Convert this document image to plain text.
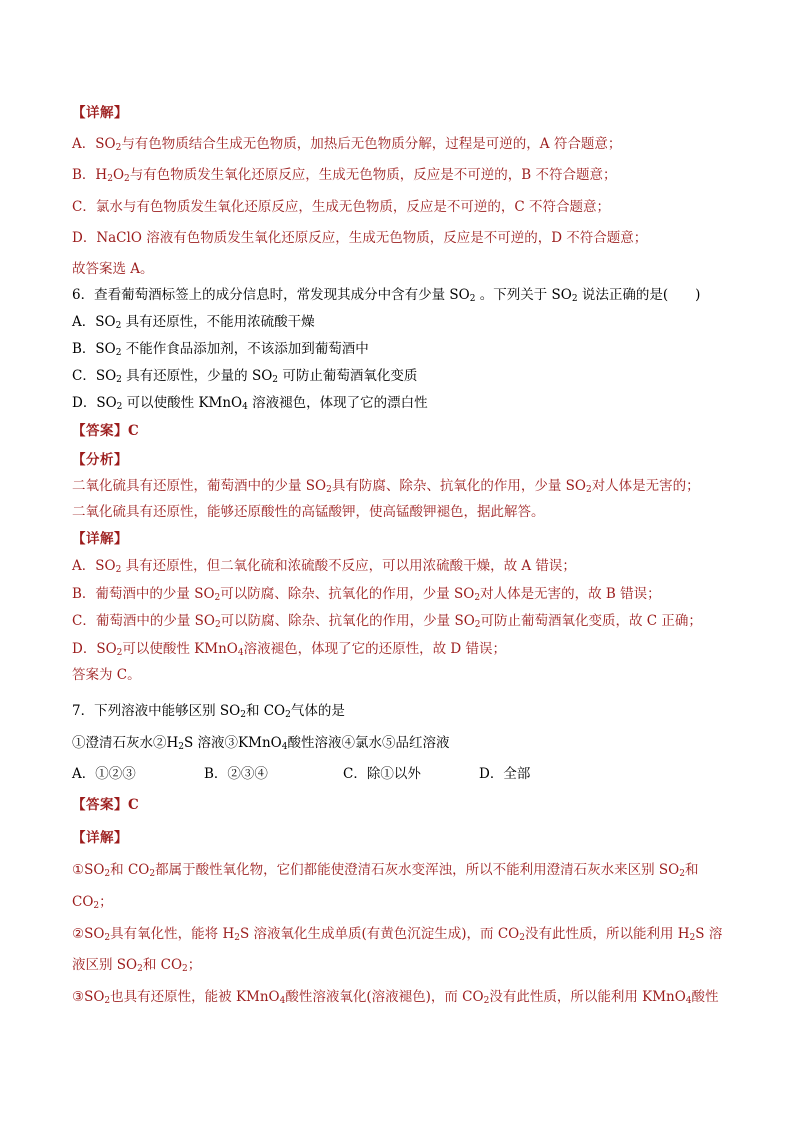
【详解】
A．$SO_2$与有色物质结合生成无色物质，加热后无色物质分解，过程是可逆的，A 符合题意；
B．$H_2O_2$与有色物质发生氧化还原反应，生成无色物质，反应是不可逆的，B 不符合题意；
C．氯水与有色物质发生氧化还原反应，生成无色物质，反应是不可逆的，C 不符合题意；
D．NaClO 溶液有色物质发生氧化还原反应，生成无色物质，反应是不可逆的，D 不符合题意；
故答案选 A。
6．查看葡萄酒标签上的成分信息时，常发现其成分中含有少量 $SO_2$ 。下列关于 $SO_2$ 说法正确的是(　　)
A．$SO_2$ 具有还原性，不能用浓硫酸干燥
B．$SO_2$ 不能作食品添加剂，不该添加到葡萄酒中
C．$SO_2$ 具有还原性，少量的 $SO_2$ 可防止葡萄酒氧化变质
D．$SO_2$ 可以使酸性 KMnO$_4$ 溶液褪色，体现了它的漂白性
【答案】C
【分析】
二氧化硫具有还原性，葡萄酒中的少量 $SO_2$具有防腐、除杂、抗氧化的作用，少量 $SO_2$对人体是无害的；
二氧化硫具有还原性，能够还原酸性的高锰酸钾，使高锰酸钾褪色，据此解答。
【详解】
A．$SO_2$ 具有还原性，但二氧化硫和浓硫酸不反应，可以用浓硫酸干燥，故 A 错误；
B．葡萄酒中的少量 $SO_2$可以防腐、除杂、抗氧化的作用，少量 $SO_2$对人体是无害的，故 B 错误；
C．葡萄酒中的少量 $SO_2$可以防腐、除杂、抗氧化的作用，少量 $SO_2$可防止葡萄酒氧化变质，故 C 正确；
D．$SO_2$可以使酸性 KMnO$_4$溶液褪色，体现了它的还原性，故 D 错误；
答案为 C。
7．下列溶液中能够区别 $SO_2$和 $CO_2$气体的是
①澄清石灰水$②H_2S$ 溶液③KMnO$_4$酸性溶液④氯水⑤品红溶液
A．①②③	B．②③④	C．除①以外	D．全部
【答案】C
【详解】
$①SO_2$和 $CO_2$都属于酸性氧化物，它们都能使澄清石灰水变浑浊，所以不能利用澄清石灰水来区别 $SO_2$和
$CO_2$；
$②SO_2$具有氧化性，能将 $H_2S$ 溶液氧化生成单质(有黄色沉淀生成)，而 $CO_2$没有此性质，所以能利用 $H_2S$ 溶
液区别 $SO_2$和 $CO_2$；
$③SO_2$也具有还原性，能被 KMnO$_4$酸性溶液氧化(溶液褪色)，而 $CO_2$没有此性质，所以能利用 KMnO$_4$酸性
